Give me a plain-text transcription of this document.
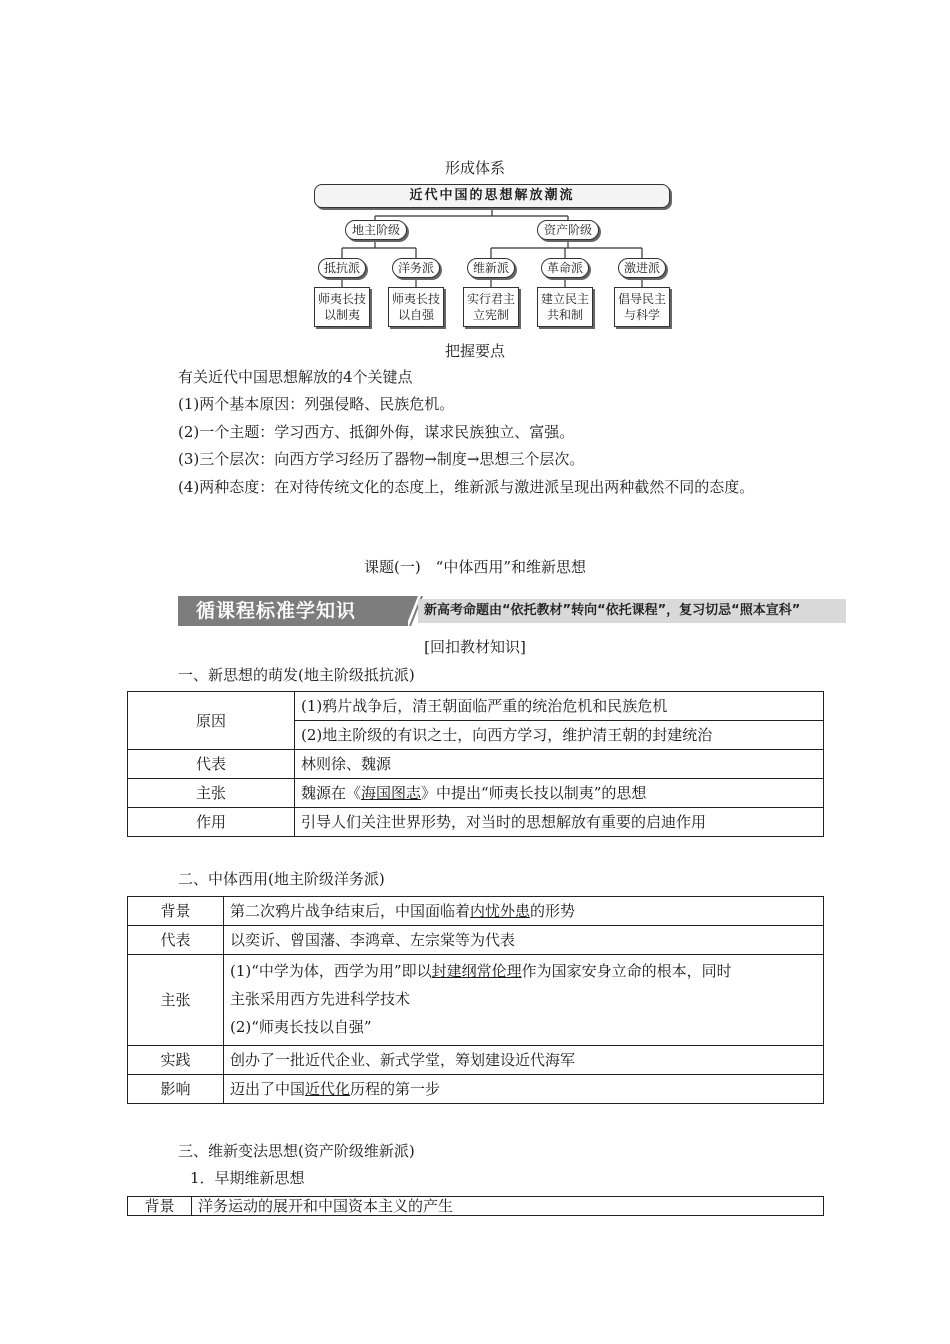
形成体系
近代中国的思想解放潮流
地主阶级	资产阶级
抵抗派	洋务派	维新派	革命派	激进派
师夷长技
以制夷
师夷长技
以自强
实行君主
立宪制
建立民主
共和制
倡导民主
与科学
把握要点
有关近代中国思想解放的4个关键点
(1)两个基本原因：列强侵略、民族危机。
(2)一个主题：学习西方、抵御外侮，谋求民族独立、富强。
(3)三个层次：向西方学习经历了器物→制度→思想三个层次。
(4)两种态度：在对待传统文化的态度上，维新派与激进派呈现出两种截然不同的态度。
课题(一)　“中体西用”和维新思想
循课程标准学知识	新高考命题由“依托教材”转向“依托课程”，复习切忌“照本宣科”
[回扣教材知识]
一、新思想的萌发(地主阶级抵抗派)
原因	(1)鸦片战争后，清王朝面临严重的统治危机和民族危机
	(2)地主阶级的有识之士，向西方学习，维护清王朝的封建统治
代表	林则徐、魏源
主张	魏源在《海国图志》中提出“师夷长技以制夷”的思想
作用	引导人们关注世界形势，对当时的思想解放有重要的启迪作用
二、中体西用(地主阶级洋务派)
背景	第二次鸦片战争结束后，中国面临着内忧外患的形势
代表	以奕䜣、曾国藩、李鸿章、左宗棠等为代表
主张	(1)“中学为体，西学为用”即以封建纲常伦理作为国家安身立命的根本，同时
主张采用西方先进科学技术
(2)“师夷长技以自强”

实践	创办了一批近代企业、新式学堂，筹划建设近代海军
影响	迈出了中国近代化历程的第一步
三、维新变法思想(资产阶级维新派)
1．早期维新思想
背景	洋务运动的展开和中国资本主义的产生
